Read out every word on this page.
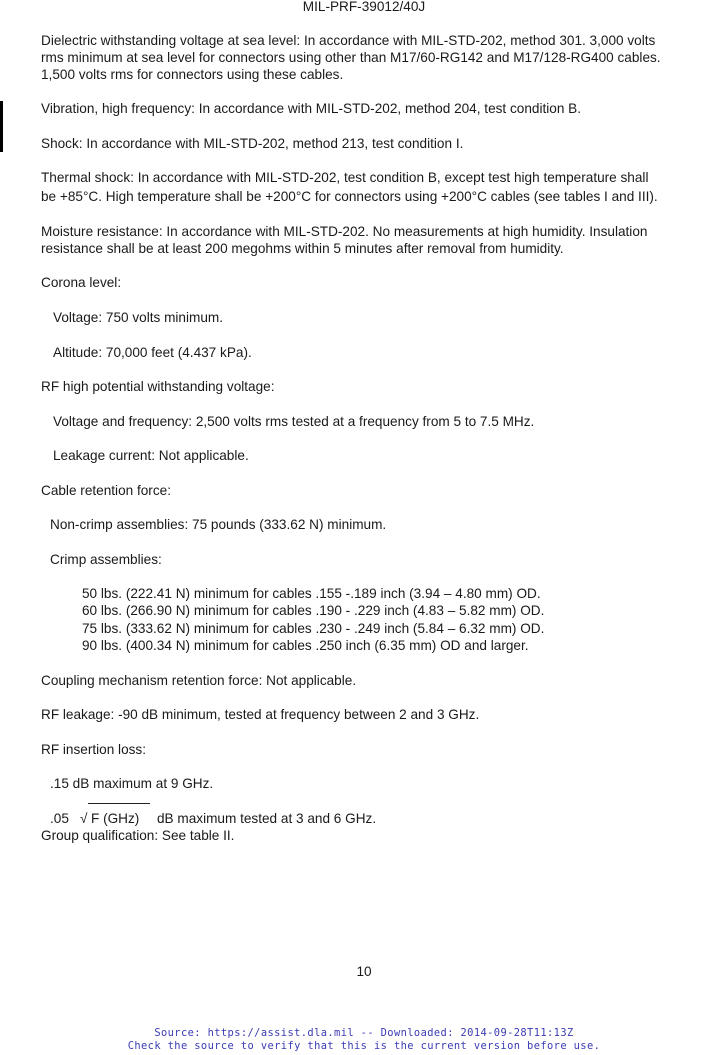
MIL-PRF-39012/40J
Dielectric withstanding voltage at sea level: In accordance with MIL-STD-202, method 301. 3,000 volts
rms minimum at sea level for connectors using other than M17/60-RG142 and M17/128-RG400 cables.
1,500 volts rms for connectors using these cables.
Vibration, high frequency: In accordance with MIL-STD-202, method 204, test condition B.
Shock: In accordance with MIL-STD-202, method 213, test condition I.
Thermal shock: In accordance with MIL-STD-202, test condition B, except test high temperature shall
be +85°C. High temperature shall be +200°C for connectors using +200°C cables (see tables I and III).
Moisture resistance: In accordance with MIL-STD-202. No measurements at high humidity. Insulation
resistance shall be at least 200 megohms within 5 minutes after removal from humidity.
Corona level:
Voltage: 750 volts minimum.
Altitude: 70,000 feet (4.437 kPa).
RF high potential withstanding voltage:
Voltage and frequency: 2,500 volts rms tested at a frequency from 5 to 7.5 MHz.
Leakage current: Not applicable.
Cable retention force:
Non-crimp assemblies: 75 pounds (333.62 N) minimum.
Crimp assemblies:
50 lbs. (222.41 N) minimum for cables .155 -.189 inch (3.94 – 4.80 mm) OD.
60 lbs. (266.90 N) minimum for cables .190 - .229 inch (4.83 – 5.82 mm) OD.
75 lbs. (333.62 N) minimum for cables .230 - .249 inch (5.84 – 6.32 mm) OD.
90 lbs. (400.34 N) minimum for cables .250 inch (6.35 mm) OD and larger.
Coupling mechanism retention force: Not applicable.
RF leakage: -90 dB minimum, tested at frequency between 2 and 3 GHz.
RF insertion loss:
.15 dB maximum at 9 GHz.
.05 √ F (GHz) dB maximum tested at 3 and 6 GHz.
Group qualification: See table II.
10
Source: https://assist.dla.mil -- Downloaded: 2014-09-28T11:13Z
Check the source to verify that this is the current version before use.
